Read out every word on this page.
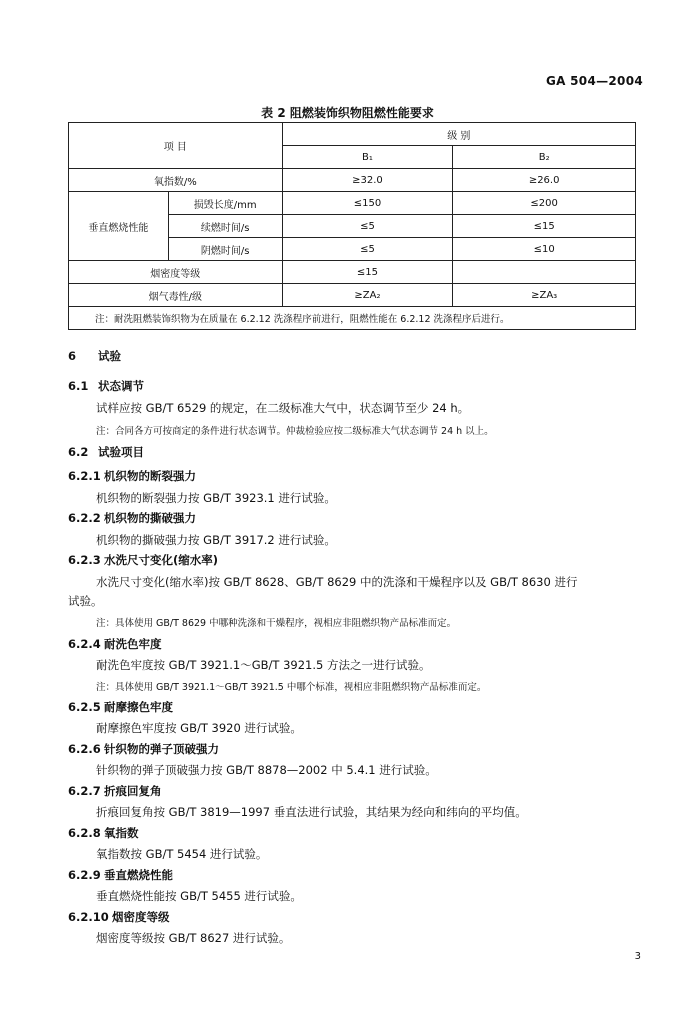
GA 504—2004
表 2 阻燃装饰织物阻燃性能要求
项 目		级 别	
		B₁	B₂
氧指数/%		≥32.0	≥26.0
垂直燃烧性能	损毁长度/mm	≤150	≤200
	续燃时间/s	≤5	≤15
	阴燃时间/s	≤5	≤10
烟密度等级		≤15	
烟气毒性/级		≥ZA₂	≥ZA₃
注：耐洗阻燃装饰织物为在质量在 6.2.12 洗涤程序前进行，阻燃性能在 6.2.12 洗涤程序后进行。			
6 试验
6.1 状态调节
试样应按 GB/T 6529 的规定，在二级标准大气中，状态调节至少 24 h。
注：合同各方可按商定的条件进行状态调节。仲裁检验应按二级标准大气状态调节 24 h 以上。
6.2 试验项目
6.2.1 机织物的断裂强力
机织物的断裂强力按 GB/T 3923.1 进行试验。
6.2.2 机织物的撕破强力
机织物的撕破强力按 GB/T 3917.2 进行试验。
6.2.3 水洗尺寸变化(缩水率)
水洗尺寸变化(缩水率)按 GB/T 8628、GB/T 8629 中的洗涤和干燥程序以及 GB/T 8630 进行
试验。
注：具体使用 GB/T 8629 中哪种洗涤和干燥程序，视相应非阻燃织物产品标准而定。
6.2.4 耐洗色牢度
耐洗色牢度按 GB/T 3921.1～GB/T 3921.5 方法之一进行试验。
注：具体使用 GB/T 3921.1～GB/T 3921.5 中哪个标准，视相应非阻燃织物产品标准而定。
6.2.5 耐摩擦色牢度
耐摩擦色牢度按 GB/T 3920 进行试验。
6.2.6 针织物的弹子顶破强力
针织物的弹子顶破强力按 GB/T 8878—2002 中 5.4.1 进行试验。
6.2.7 折痕回复角
折痕回复角按 GB/T 3819—1997 垂直法进行试验，其结果为经向和纬向的平均值。
6.2.8 氧指数
氧指数按 GB/T 5454 进行试验。
6.2.9 垂直燃烧性能
垂直燃烧性能按 GB/T 5455 进行试验。
6.2.10 烟密度等级
烟密度等级按 GB/T 8627 进行试验。
3
